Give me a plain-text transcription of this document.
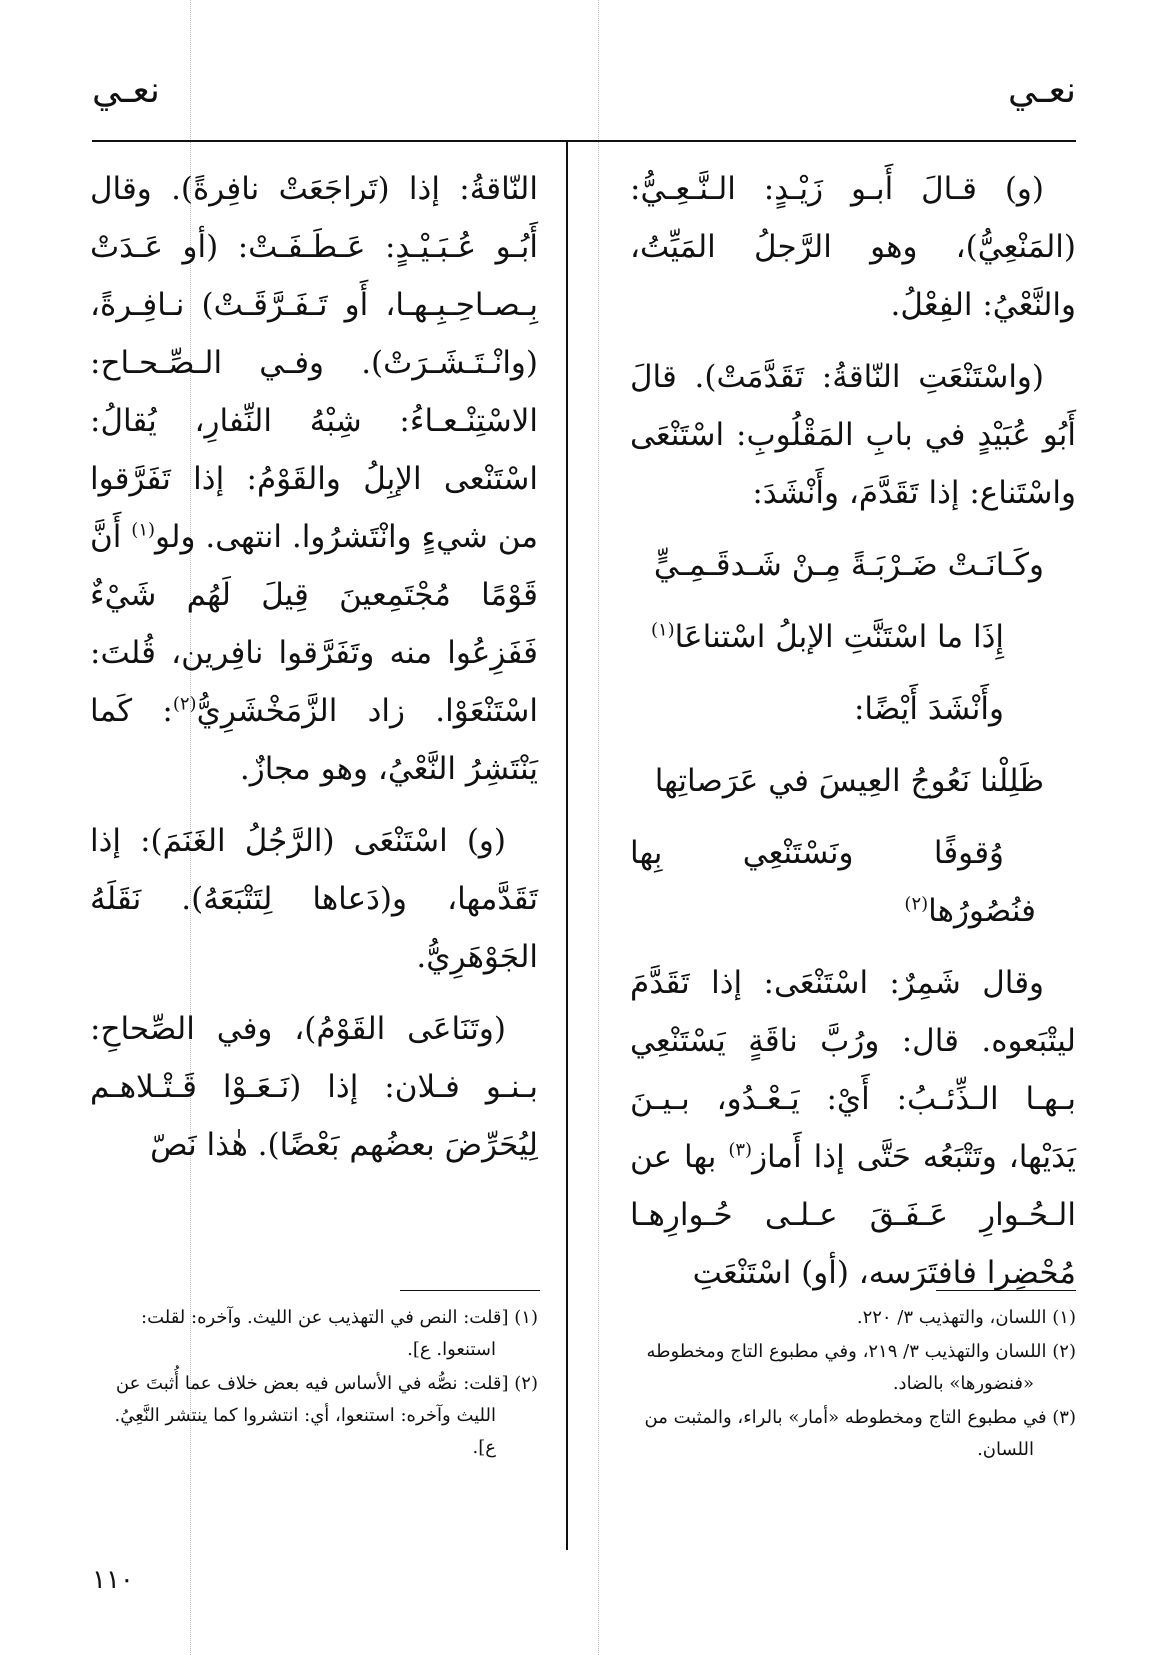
نعـي
نعـي

(و) قـالَ أَبـو زَيْـدٍ: الـنَّـعِـيُّ: (المَنْعِيُّ)، وهو الرَّجلُ المَيِّتُ، والنَّعْيُ: الفِعْلُ.

(واسْتَنْعَتِ النّاقةُ: تَقَدَّمَتْ). قالَ أَبُو عُبَيْدٍ في بابِ المَقْلُوبِ: اسْتَنْعَى واسْتَناع: إذا تَقَدَّمَ، وأَنْشَدَ:

وكَـانَـتْ ضَـرْبَـةً مِـنْ شَـدقَـمِـيٍّ

إِذَا ما اسْتَنَّتِ الإبلُ اسْتناعَا$^{(١)}$

وأَنْشَدَ أَيْضًا:

ظَلِلْنا نَعُوجُ العِيسَ في عَرَصاتِها

وُقوفًا ونَسْتَنْعِي بِها فنُصُورُها$^{(٢)}$

وقال شَمِرٌ: اسْتَنْعَى: إذا تَقَدَّمَ ليتْبَعوه. قال: ورُبَّ ناقَةٍ يَسْتَنْعِي بـهـا الـذِّئـبُ: أَيْ: يَـعْـدُو، بـيـنَ يَدَيْها، وتَتْبَعُه حَتَّى إذا أَماز$^{(٣)}$ بها عن الـحُـوارِ عَـفَـقَ عـلـى حُـوارِهـا مُحْضِرا فافتَرَسه، (أو) اسْتَنْعَتِ

النّاقةُ: إذا (تَراجَعَتْ نافِرةً). وقال أَبُـو عُـبَـيْـدٍ: عَـطَـفَـتْ: (أو عَـدَتْ بِـصـاحِـبِـهـا، أَو تَـفَـرَّقَـتْ) نـافِـرةً، (وانْـتَـشَـرَتْ). وفـي الـصِّـحـاح: الاسْتِنْـعـاءُ: شِبْهُ النِّفارِ، يُقالُ: اسْتَنْعى الإبِلُ والقَوْمُ: إذا تَفَرَّقوا من شيءٍ وانْتَشرُوا. انتهى. ولو$^{(١)}$ أَنَّ قَوْمًا مُجْتَمِعينَ قِيلَ لَهُم شَيْءٌ فَفَزِعُوا منه وتَفَرَّقوا نافِرين، قُلتَ: اسْتَنْعَوْا. زاد الزَّمَخْشَرِيُّ$^{(٢)}$: كَما يَنْتَشِرُ النَّعْيُ، وهو مجازٌ.

(و) اسْتَنْعَى (الرَّجُلُ الغَنَمَ): إذا تَقَدَّمها، و(دَعاها لِتَتْبَعَهُ). نَقَلَهُ الجَوْهَرِيُّ.

(وتَنَاعَى القَوْمُ)، وفي الصِّحاحِ: بـنـو فـلان: إذا (نَـعَـوْا قَـتْـلاهـم لِيُحَرِّضَ بعضُهم بَعْضًا). هٰذا نَصّ

(١) اللسان، والتهذيب ٣/ ٢٢٠.

(٢) اللسان والتهذيب ٣/ ٢١٩، وفي مطبوع التاج ومخطوطه «فنضورها» بالضاد.

(٣) في مطبوع التاج ومخطوطه «أمار» بالراء، والمثبت من اللسان.

(١) [قلت: النص في التهذيب عن الليث. وآخره: لقلت: استنعوا. ع].

(٢) [قلت: نصُّه في الأساس فيه بعض خلاف عما أُثبتَ عن الليث وآخره: استنعوا، أي: انتشروا كما ينتشر النَّعِيُ. ع].

١١٠
